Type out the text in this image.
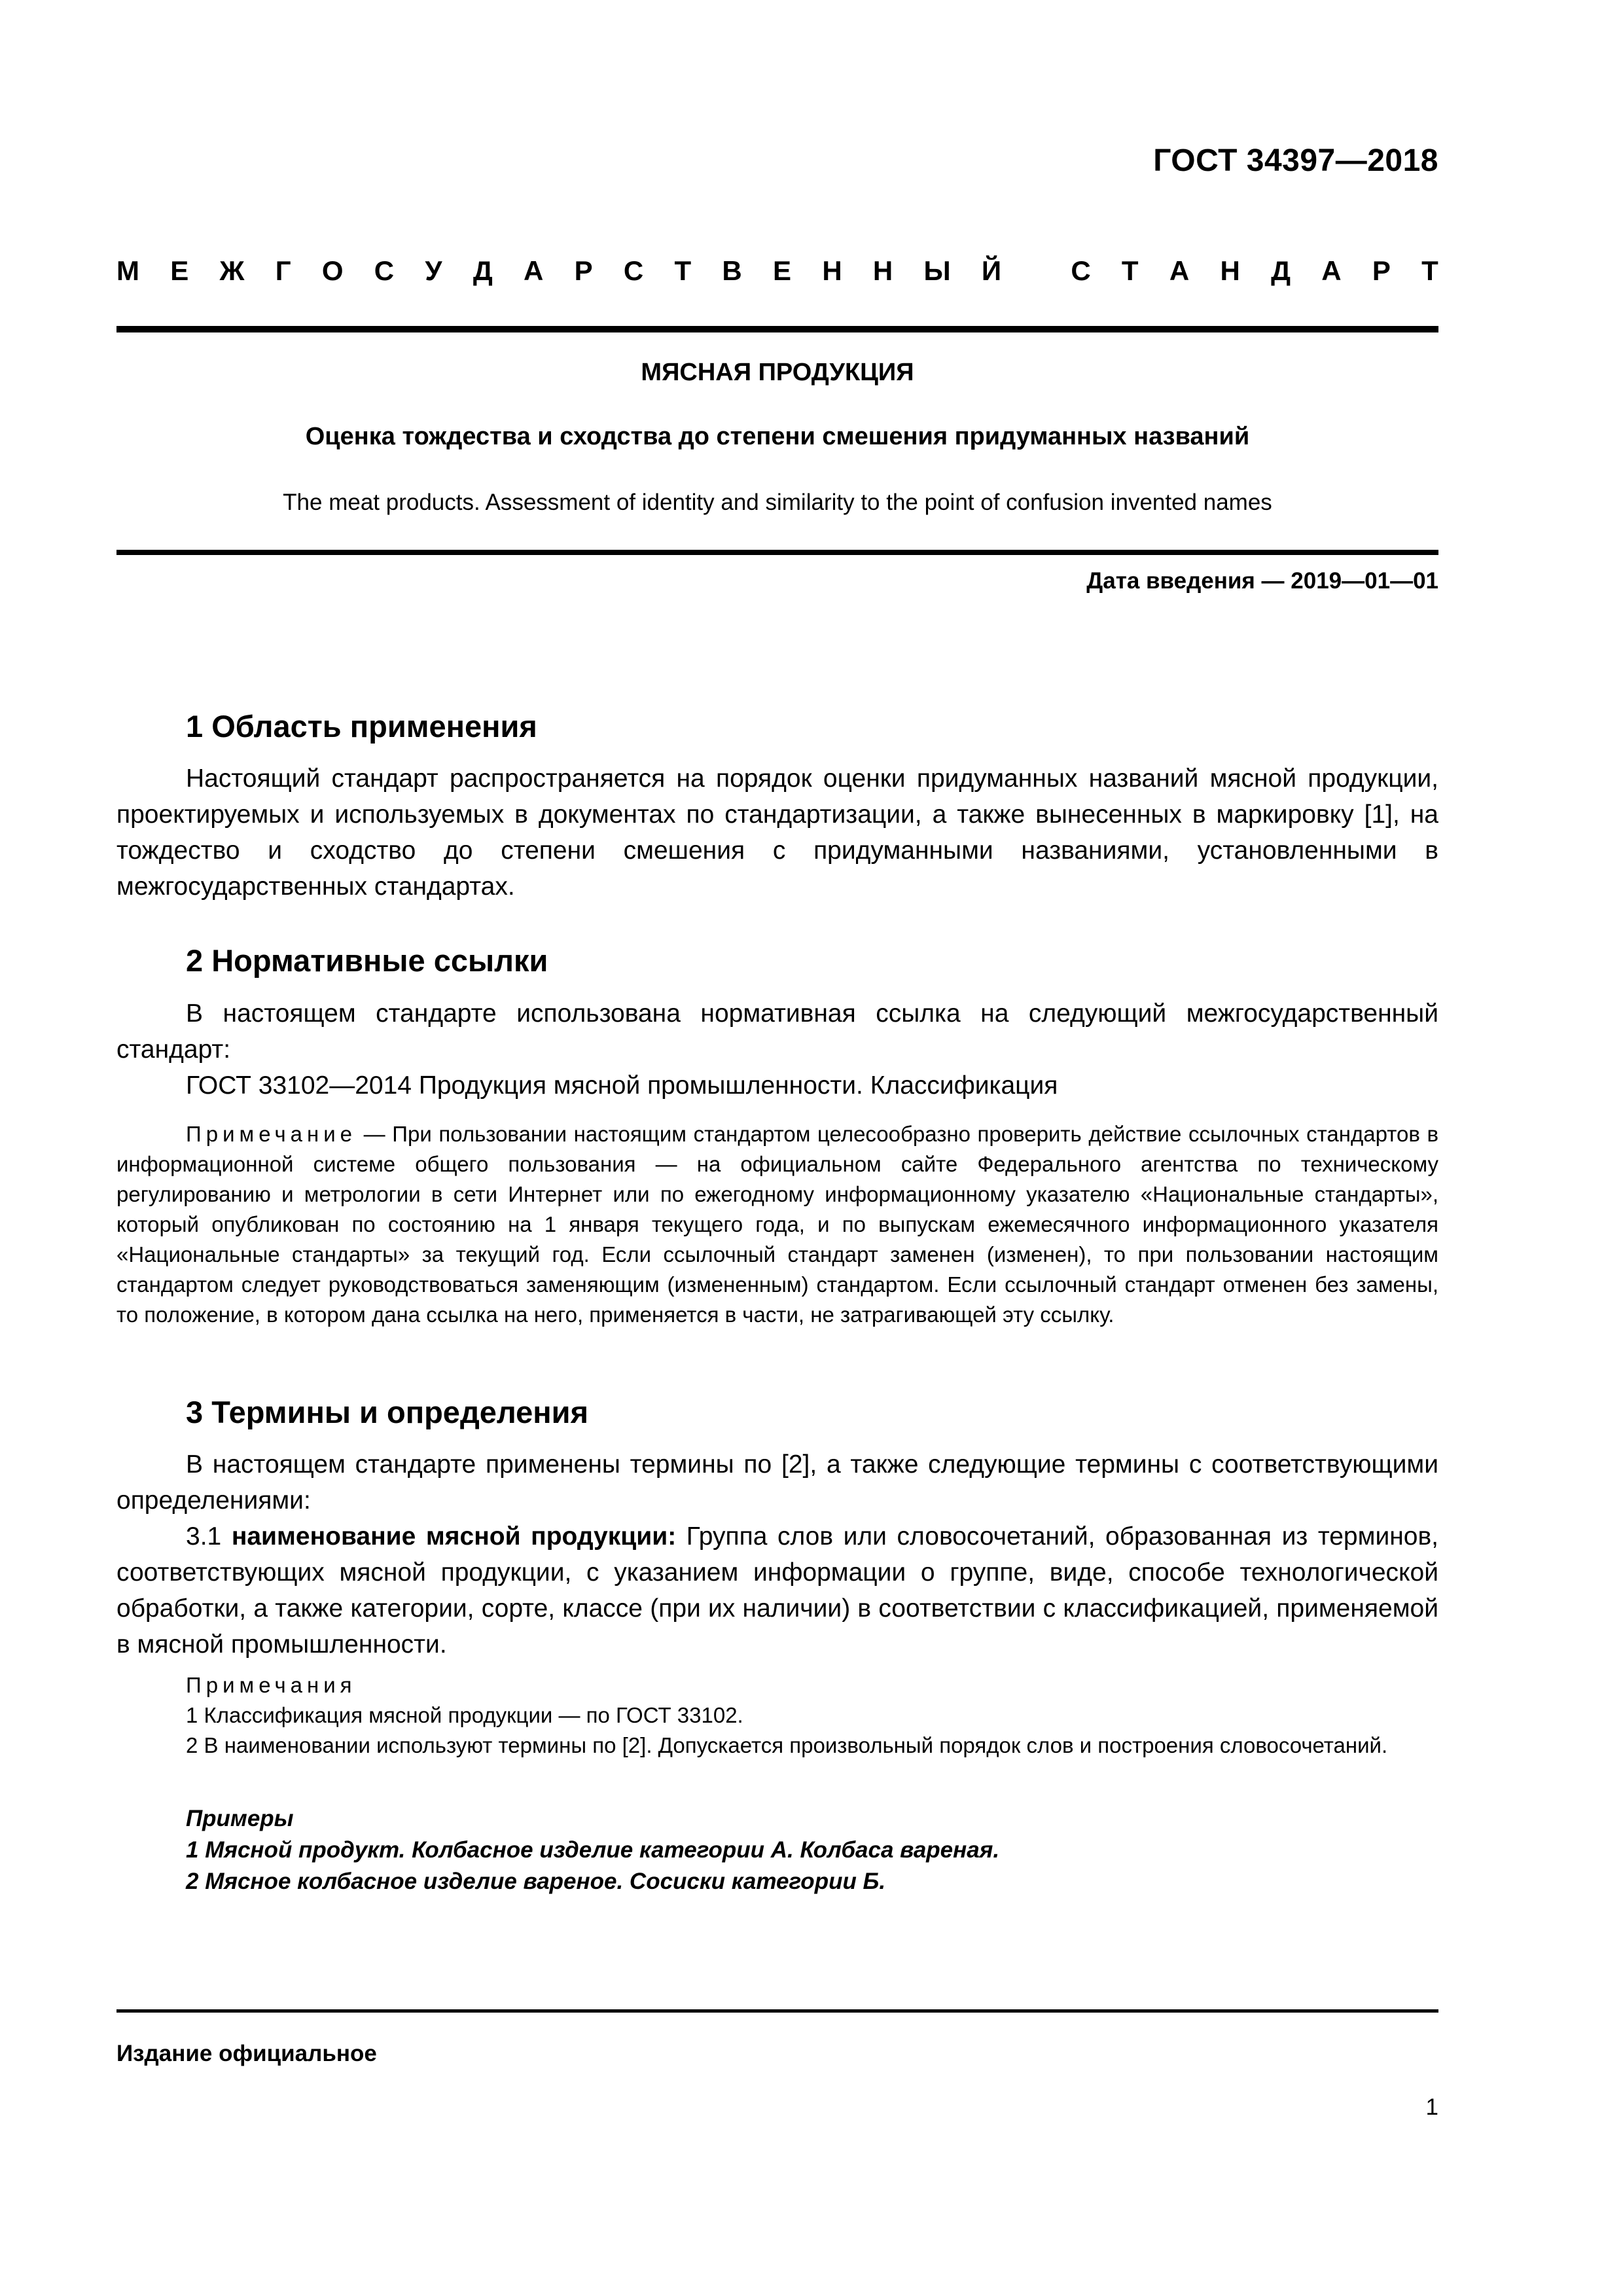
ГОСТ 34397—2018
М Е Ж Г О С У Д А Р С Т В Е Н Н Ы Й
	С Т А Н Д А Р Т
МЯСНАЯ ПРОДУКЦИЯ
Оценка тождества и сходства до степени смешения придуманных названий
The meat products. Assessment of identity and similarity to the point of confusion invented names
Дата введения — 2019—01—01
1 Область применения
Настоящий стандарт распространяется на порядок оценки придуманных названий мясной продукции, проектируемых и используемых в документах по стандартизации, а также вынесенных в маркировку [1], на тождество и сходство до степени смешения с придуманными названиями, установленными в межгосударственных стандартах.
2 Нормативные ссылки
В настоящем стандарте использована нормативная ссылка на следующий межгосударственный стандарт:
ГОСТ 33102—2014 Продукция мясной промышленности. Классификация
Примечание — При пользовании настоящим стандартом целесообразно проверить действие ссылочных стандартов в информационной системе общего пользования — на официальном сайте Федерального агентства по техническому регулированию и метрологии в сети Интернет или по ежегодному информационному указателю «Национальные стандарты», который опубликован по состоянию на 1 января текущего года, и по выпускам ежемесячного информационного указателя «Национальные стандарты» за текущий год. Если ссылочный стандарт заменен (изменен), то при пользовании настоящим стандартом следует руководствоваться заменяющим (измененным) стандартом. Если ссылочный стандарт отменен без замены, то положение, в котором дана ссылка на него, применяется в части, не затрагивающей эту ссылку.
3 Термины и определения
В настоящем стандарте применены термины по [2], а также следующие термины с соответствующими определениями:
3.1 наименование мясной продукции: Группа слов или словосочетаний, образованная из терминов, соответствующих мясной продукции, с указанием информации о группе, виде, способе технологической обработки, а также категории, сорте, классе (при их наличии) в соответствии с классификацией, применяемой в мясной промышленности.
Примечания
1 Классификация мясной продукции — по ГОСТ 33102.
2 В наименовании используют термины по [2]. Допускается произвольный порядок слов и построения словосочетаний.
Примеры
1 Мясной продукт. Колбасное изделие категории А. Колбаса вареная.
2 Мясное колбасное изделие вареное. Сосиски категории Б.
Издание официальное
1
